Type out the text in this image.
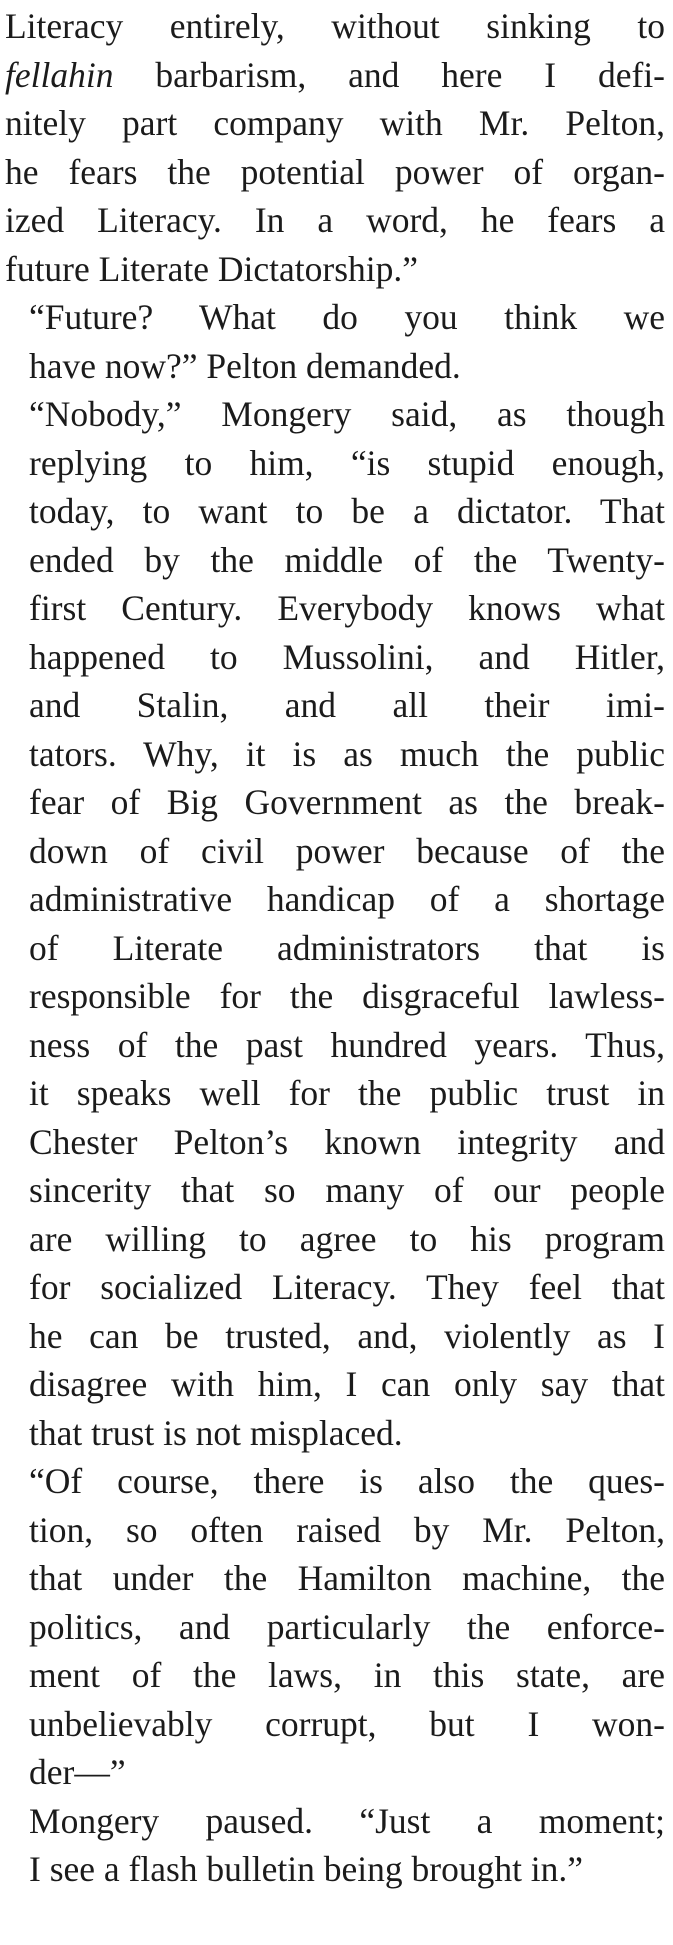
Literacy entirely, without sinking to
fellahin barbarism, and here I defi-
nitely part company with Mr. Pelton,
he fears the potential power of organ-
ized Literacy. In a word, he fears a
future Literate Dictatorship.”
“Future? What do you think we
have now?” Pelton demanded.
“Nobody,” Mongery said, as though
replying to him, “is stupid enough,
today, to want to be a dictator. That
ended by the middle of the Twenty-
first Century. Everybody knows what
happened to Mussolini, and Hitler,
and Stalin, and all their imi-
tators. Why, it is as much the public
fear of Big Government as the break-
down of civil power because of the
administrative handicap of a shortage
of Literate administrators that is
responsible for the disgraceful lawless-
ness of the past hundred years. Thus,
it speaks well for the public trust in
Chester Pelton’s known integrity and
sincerity that so many of our people
are willing to agree to his program
for socialized Literacy. They feel that
he can be trusted, and, violently as I
disagree with him, I can only say that
that trust is not misplaced.
“Of course, there is also the ques-
tion, so often raised by Mr. Pelton,
that under the Hamilton machine, the
politics, and particularly the enforce-
ment of the laws, in this state, are
unbelievably corrupt, but I won-
der—”
Mongery paused. “Just a moment;
I see a flash bulletin being brought in.”
